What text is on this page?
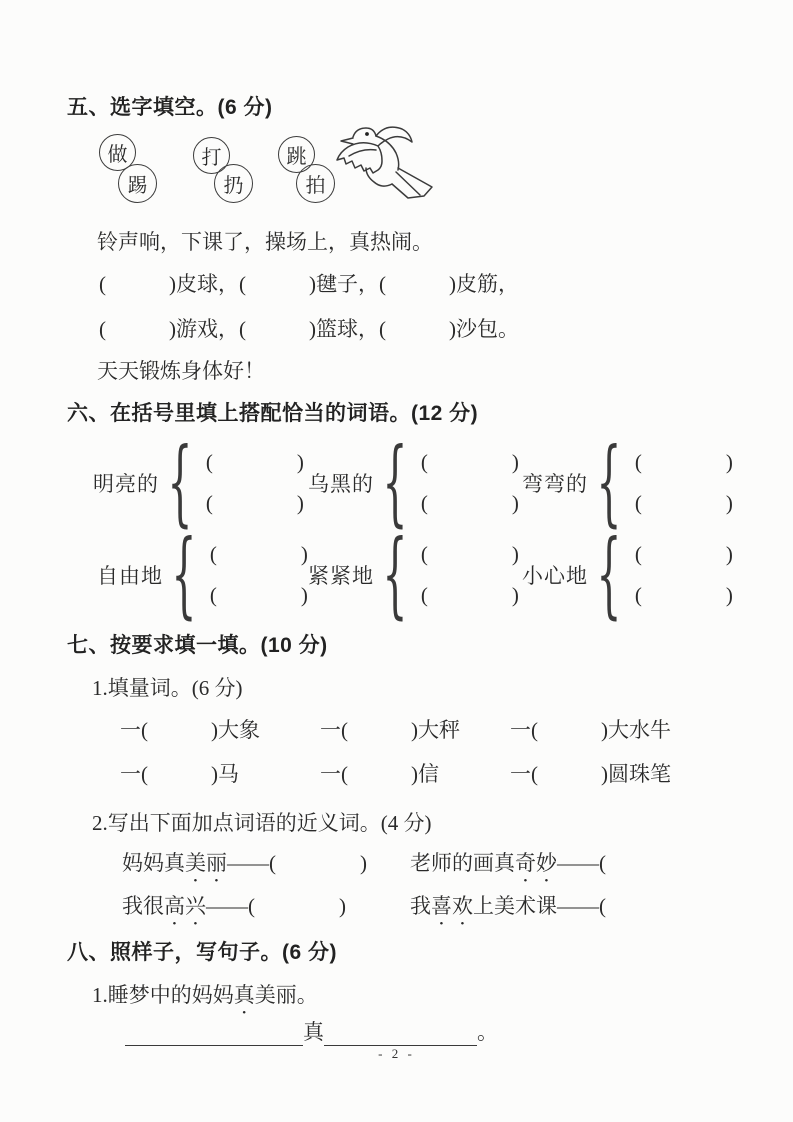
五、选字填空。(6 分)
做
踢
打
扔
跳
拍
铃声响，下课了，操场上，真热闹。
(　　　)皮球，(　　　)毽子，(　　　)皮筋，
(　　　)游戏，(　　　)篮球，(　　　)沙包。
天天锻炼身体好！
六、在括号里填上搭配恰当的词语。(12 分)
明亮的 { (	)
(	)
乌黑的 { (	)
(	)
弯弯的 { (	)
(	)
自由地 { (	)
(	)
紧紧地 { (	)
(	)
小心地 { (	)
(	)
七、按要求填一填。(10 分)
1.填量词。(6 分)
一(　　　)大象	一(　　　)大秤 一(　　　)大水牛
一(　　　)马	一(　　　)信	一(　　　)圆珠笔
2.写出下面加点词语的近义词。(4 分)
妈妈真美丽——(　　　　) 老师的画真奇妙——(
我很高兴——(　　　　)	我喜欢上美术课——(
八、照样子，写句子。(6 分)
1.睡梦中的妈妈真美丽。
真	。
- 2 -
